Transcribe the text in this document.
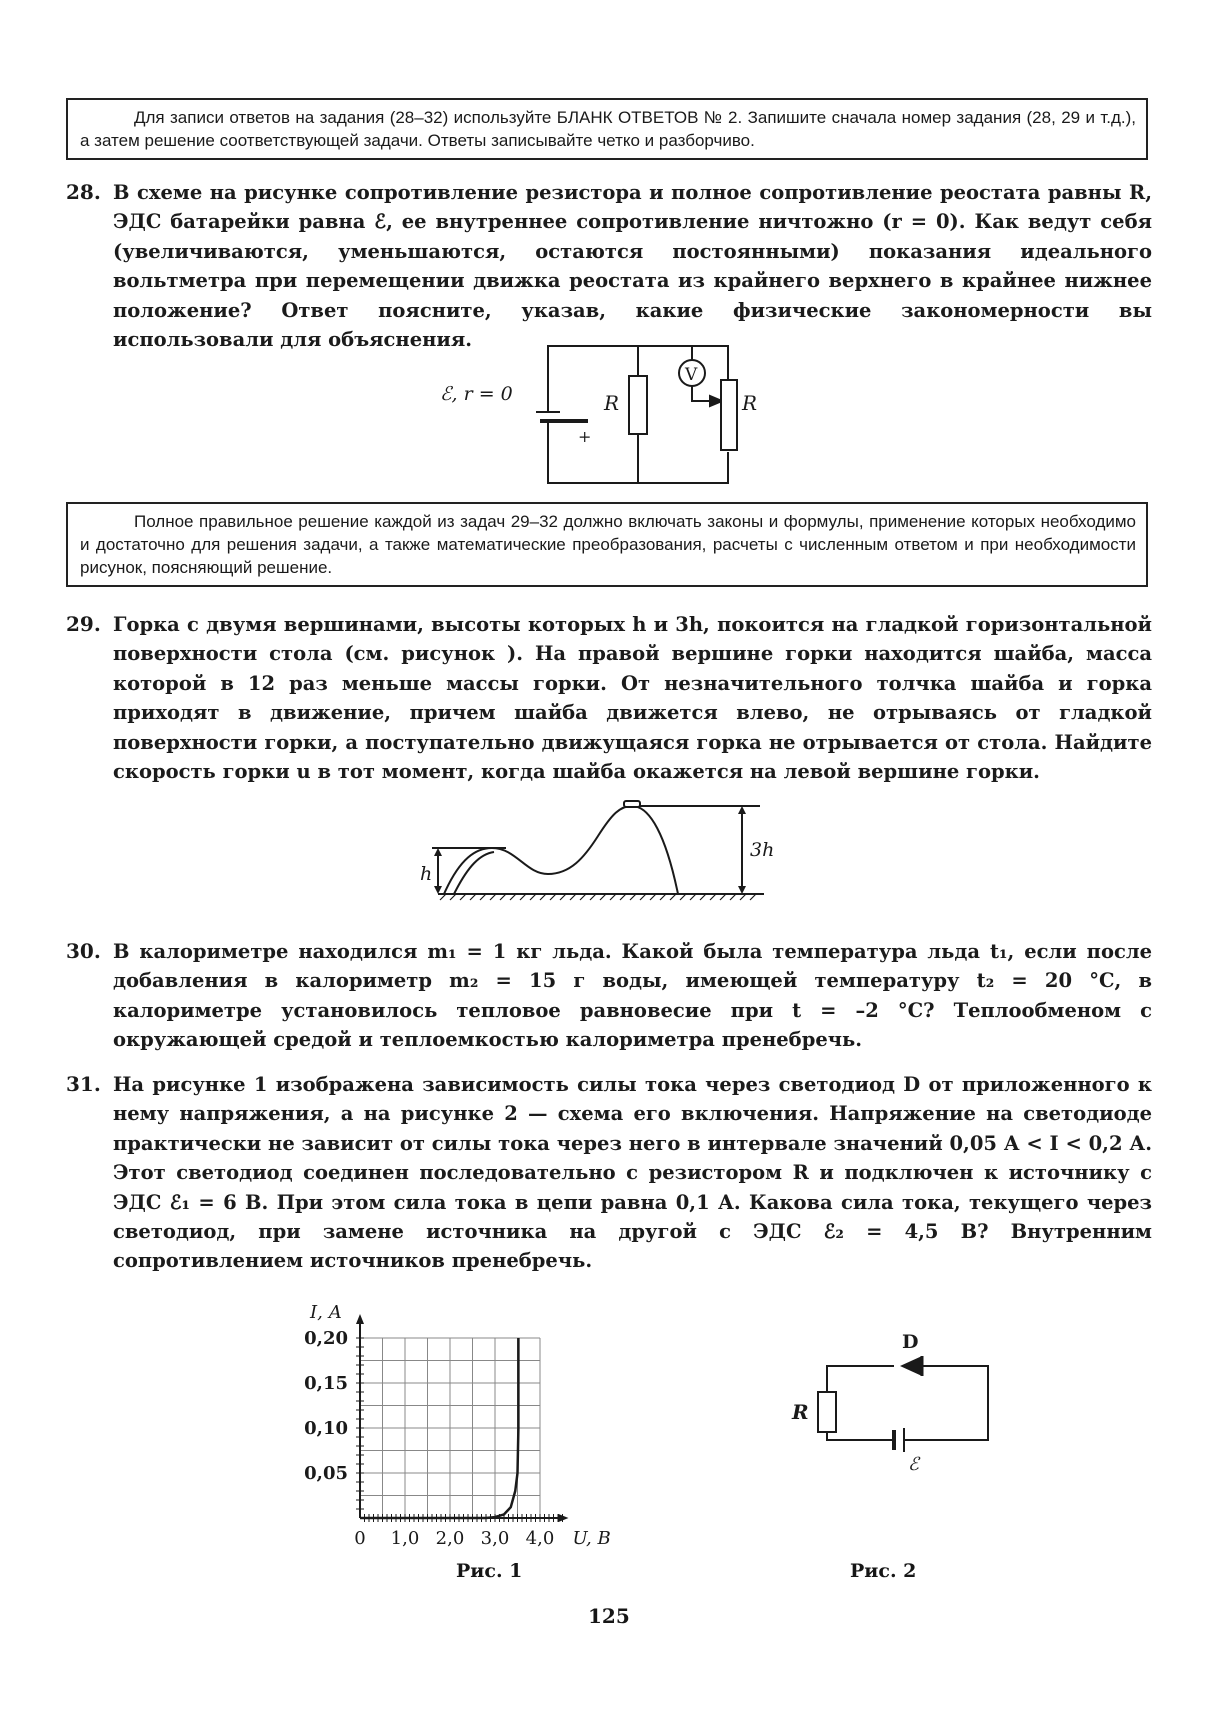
Для записи ответов на задания (28–32) используйте БЛАНК ОТВЕТОВ № 2. Запишите сначала номер задания (28, 29 и т.д.), а затем решение соответствующей задачи. Ответы записывайте четко и разборчиво.
28. В схеме на рисунке сопротивление резистора и полное сопротивление реостата равны R, ЭДС батарейки равна ℰ, ее внутреннее сопротивление ничтожно (r = 0). Как ведут себя (увеличиваются, уменьшаются, остаются постоянными) показания идеального вольтметра при перемещении движка реостата из крайнего верхнего в крайнее нижнее положение? Ответ поясните, указав, какие физические закономерности вы использовали для объяснения.
ℰ, r = 0
+
R	R
V
Полное правильное решение каждой из задач 29–32 должно включать законы и формулы, применение которых необходимо и достаточно для решения задачи, а также математические преобразования, расчеты с численным ответом и при необходимости рисунок, поясняющий решение.
29. Горка с двумя вершинами, высоты которых h и 3h, покоится на гладкой горизонтальной поверхности стола (см. рисунок ). На правой вершине горки находится шайба, масса которой в 12 раз меньше массы горки. От незначительного толчка шайба и горка приходят в движение, причем шайба движется влево, не отрываясь от гладкой поверхности горки, а поступательно движущаяся горка не отрывается от стола. Найдите скорость горки u в тот момент, когда шайба окажется на левой вершине горки.
h
3h
30. В калориметре находился m₁ = 1 кг льда. Какой была температура льда t₁, если после добавления в калориметр m₂ = 15 г воды, имеющей температуру t₂ = 20 °С, в калориметре установилось тепловое равновесие при t = –2 °С? Теплообменом с окружающей средой и теплоемкостью калориметра пренебречь.
31. На рисунке 1 изображена зависимость силы тока через светодиод D от приложенного к нему напряжения, а на рисунке 2 — схема его включения. Напряжение на светодиоде практически не зависит от силы тока через него в интервале значений 0,05 А < I < 0,2 А. Этот светодиод соединен последовательно с резистором R и подключен к источнику с ЭДС ℰ₁ = 6 В. При этом сила тока в цепи равна 0,1 А. Какова сила тока, текущего через светодиод, при замене источника на другой с ЭДС ℰ₂ = 4,5 В? Внутренним сопротивлением источников пренебречь.
0 1,0 2,0 3,0 4,0
0,05
0,10
0,15
0,20
U, В
I, А
Рис. 1
D
R
ℰ
Рис. 2
125
